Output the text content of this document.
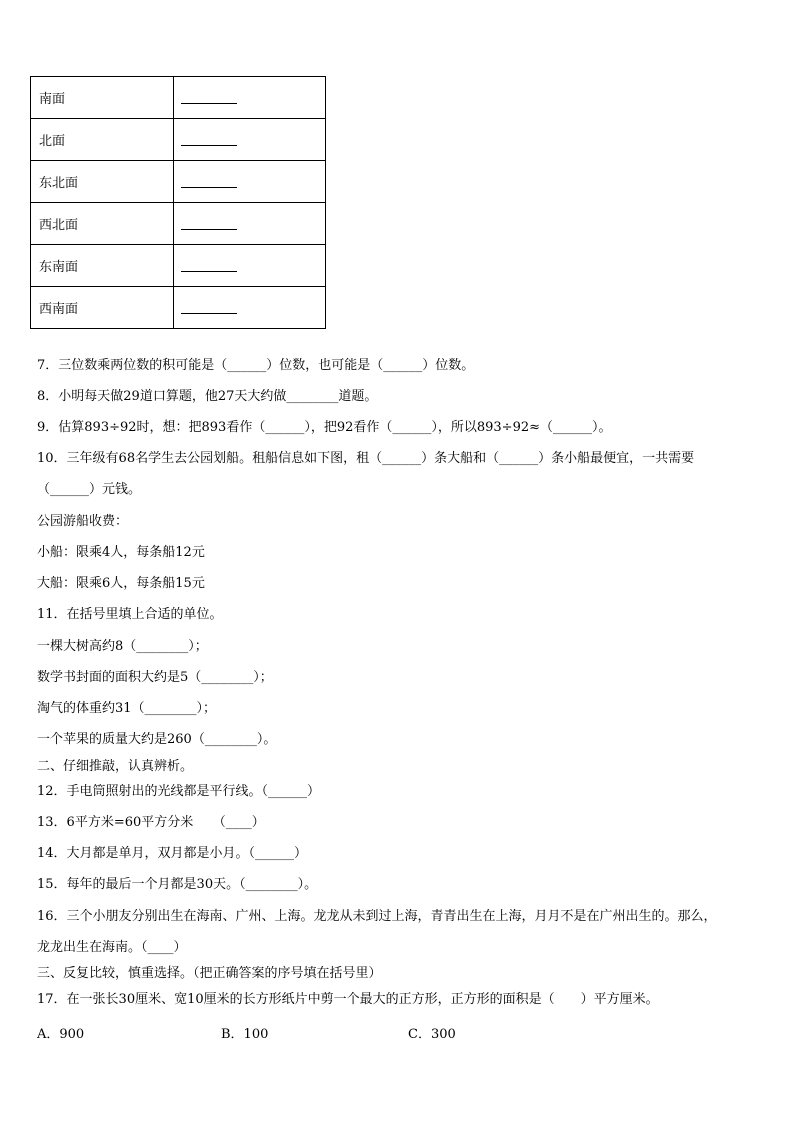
南面	
北面	
东北面	
西北面	
东南面	
西南面	
7．三位数乘两位数的积可能是（______）位数，也可能是（______）位数。
8．小明每天做29道口算题，他27天大约做________道题。
9．估算893÷92时，想：把893看作（______），把92看作（______），所以893÷92≈（______）。
10．三年级有68名学生去公园划船。租船信息如下图，租（______）条大船和（______）条小船最便宜，一共需要
（______）元钱。
公园游船收费：
小船：限乘4人，每条船12元
大船：限乘6人，每条船15元
11．在括号里填上合适的单位。
一棵大树高约8（________）；
数学书封面的面积大约是5（________）；
淘气的体重约31（________）；
一个苹果的质量大约是260（________）。
二、仔细推敲，认真辨析。
12．手电筒照射出的光线都是平行线。（______）
13．6平方米=60平方分米　　（____）
14．大月都是单月，双月都是小月。（______）
15．每年的最后一个月都是30天。（________）。
16．三个小朋友分别出生在海南、广州、上海。龙龙从未到过上海，青青出生在上海，月月不是在广州出生的。那么，
龙龙出生在海南。（____）
三、反复比较，慎重选择。（把正确答案的序号填在括号里）
17．在一张长30厘米、宽10厘米的长方形纸片中剪一个最大的正方形，正方形的面积是（　　）平方厘米。
A．900	B．100	C．300
